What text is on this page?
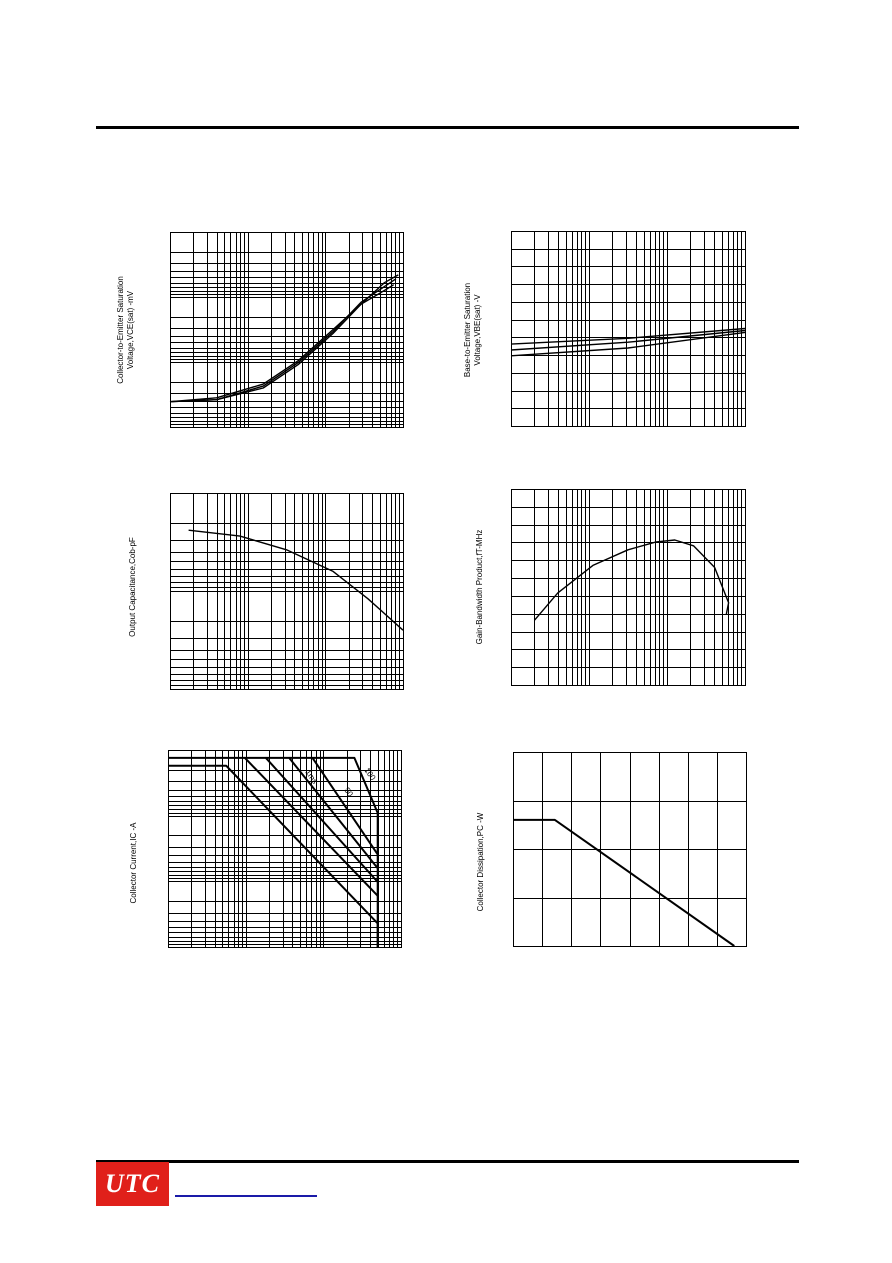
Collector-to-Emitter Saturation
Voltage,VCE(sat) -mV
Base-to-Emitter Saturation
Voltage,VBE(sat) -V
Output Capacitance,Cob-pF	Gain-Bandwidth Product,fT-MHz
1ms
50
100
Collector Current,IC -A	Collector Dissipation,PC -W
UTC
